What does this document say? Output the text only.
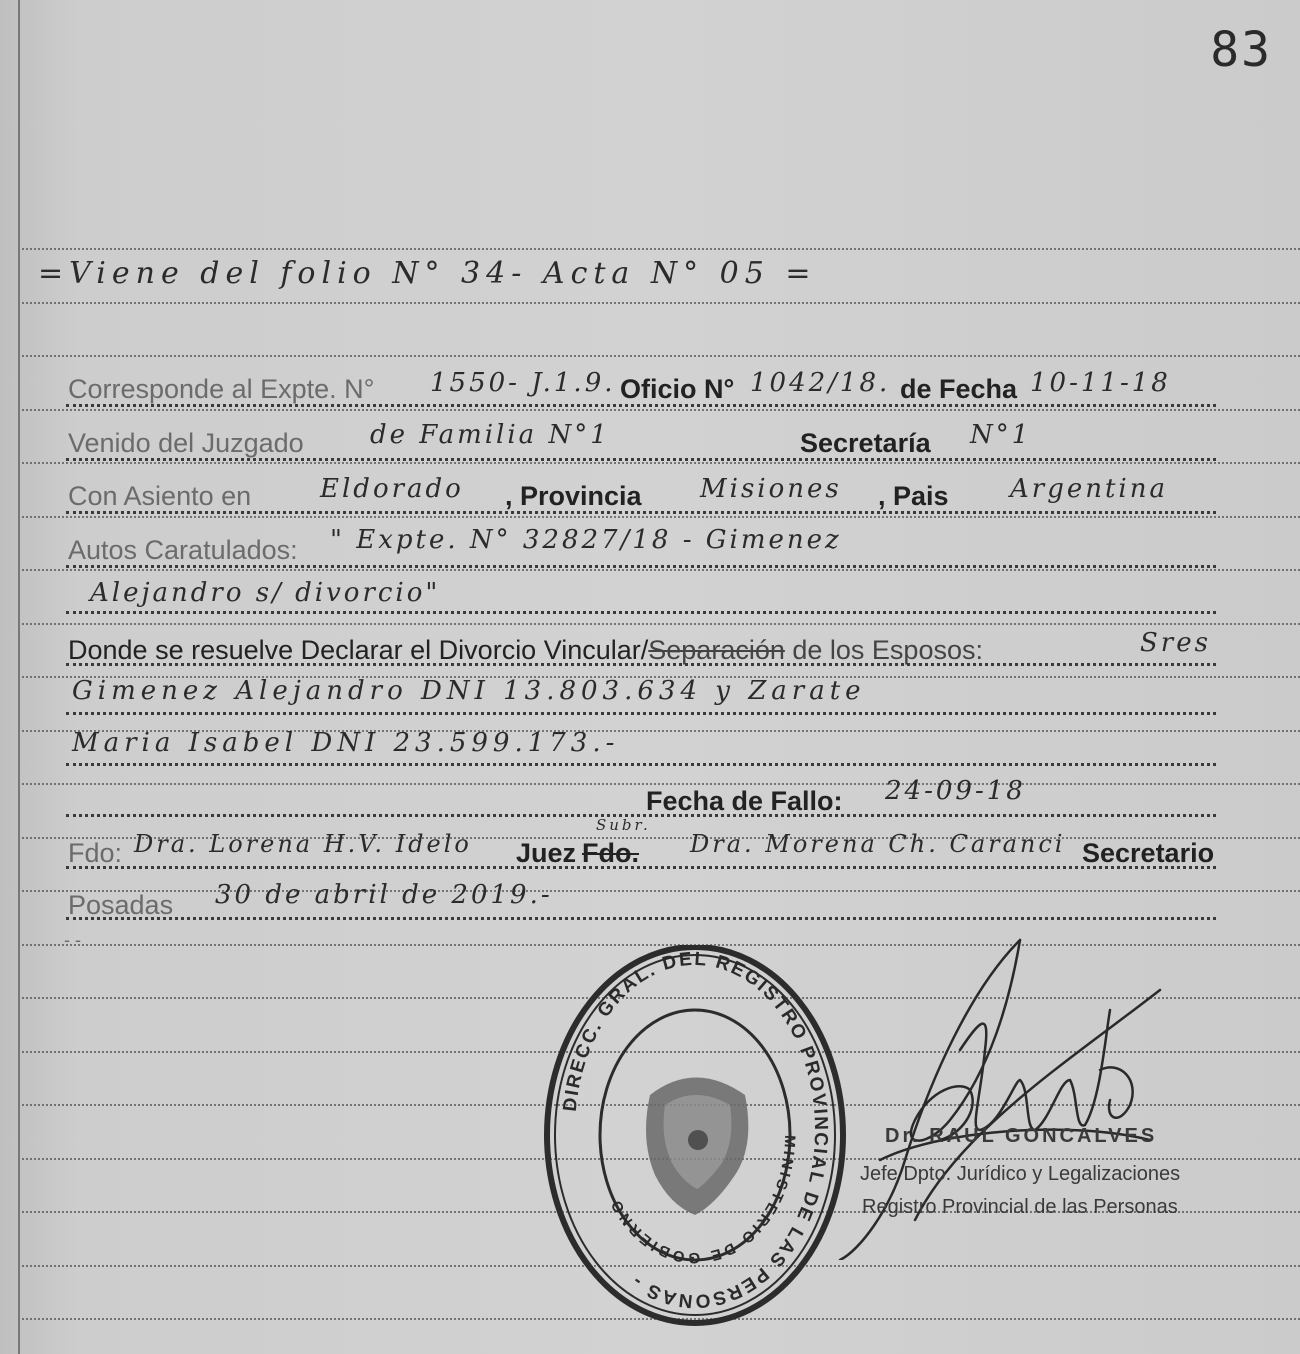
83
=Viene del folio N° 34- Acta N° 05 =
Corresponde al Expte. N° 1550- J.1.9. Oficio N° 1042/18. de Fecha 10-11-18
Venido del Juzgado	de Familia N°1	Secretaría N°1
Con Asiento en	Eldorado , Provincia Misiones , Pais Argentina
Autos Caratulados: " Expte. N° 32827/18 - Gimenez
Alejandro s/ divorcio"
Donde se resuelve Declarar el Divorcio Vincular/Separación de los Esposos:	Sres
Gimenez Alejandro DNI 13.803.634 y Zarate
Maria Isabel DNI 23.599.173.-
Fecha de Fallo: 24-09-18
Fdo: Dra. Lorena H.V. Idelo Juez Fdo.
Subr.
Dra. Morena Ch. Caranci Secretario
Posadas 30 de abril de 2019.-
- -
DIRECC. GRAL. DEL REGISTRO PROVINCIAL DE LAS PERSONAS -
MINISTERIO DE GOBIERNO
Dr. RAUL GONCALVES
Jefe Dpto. Jurídico y Legalizaciones
Registro Provincial de las Personas
